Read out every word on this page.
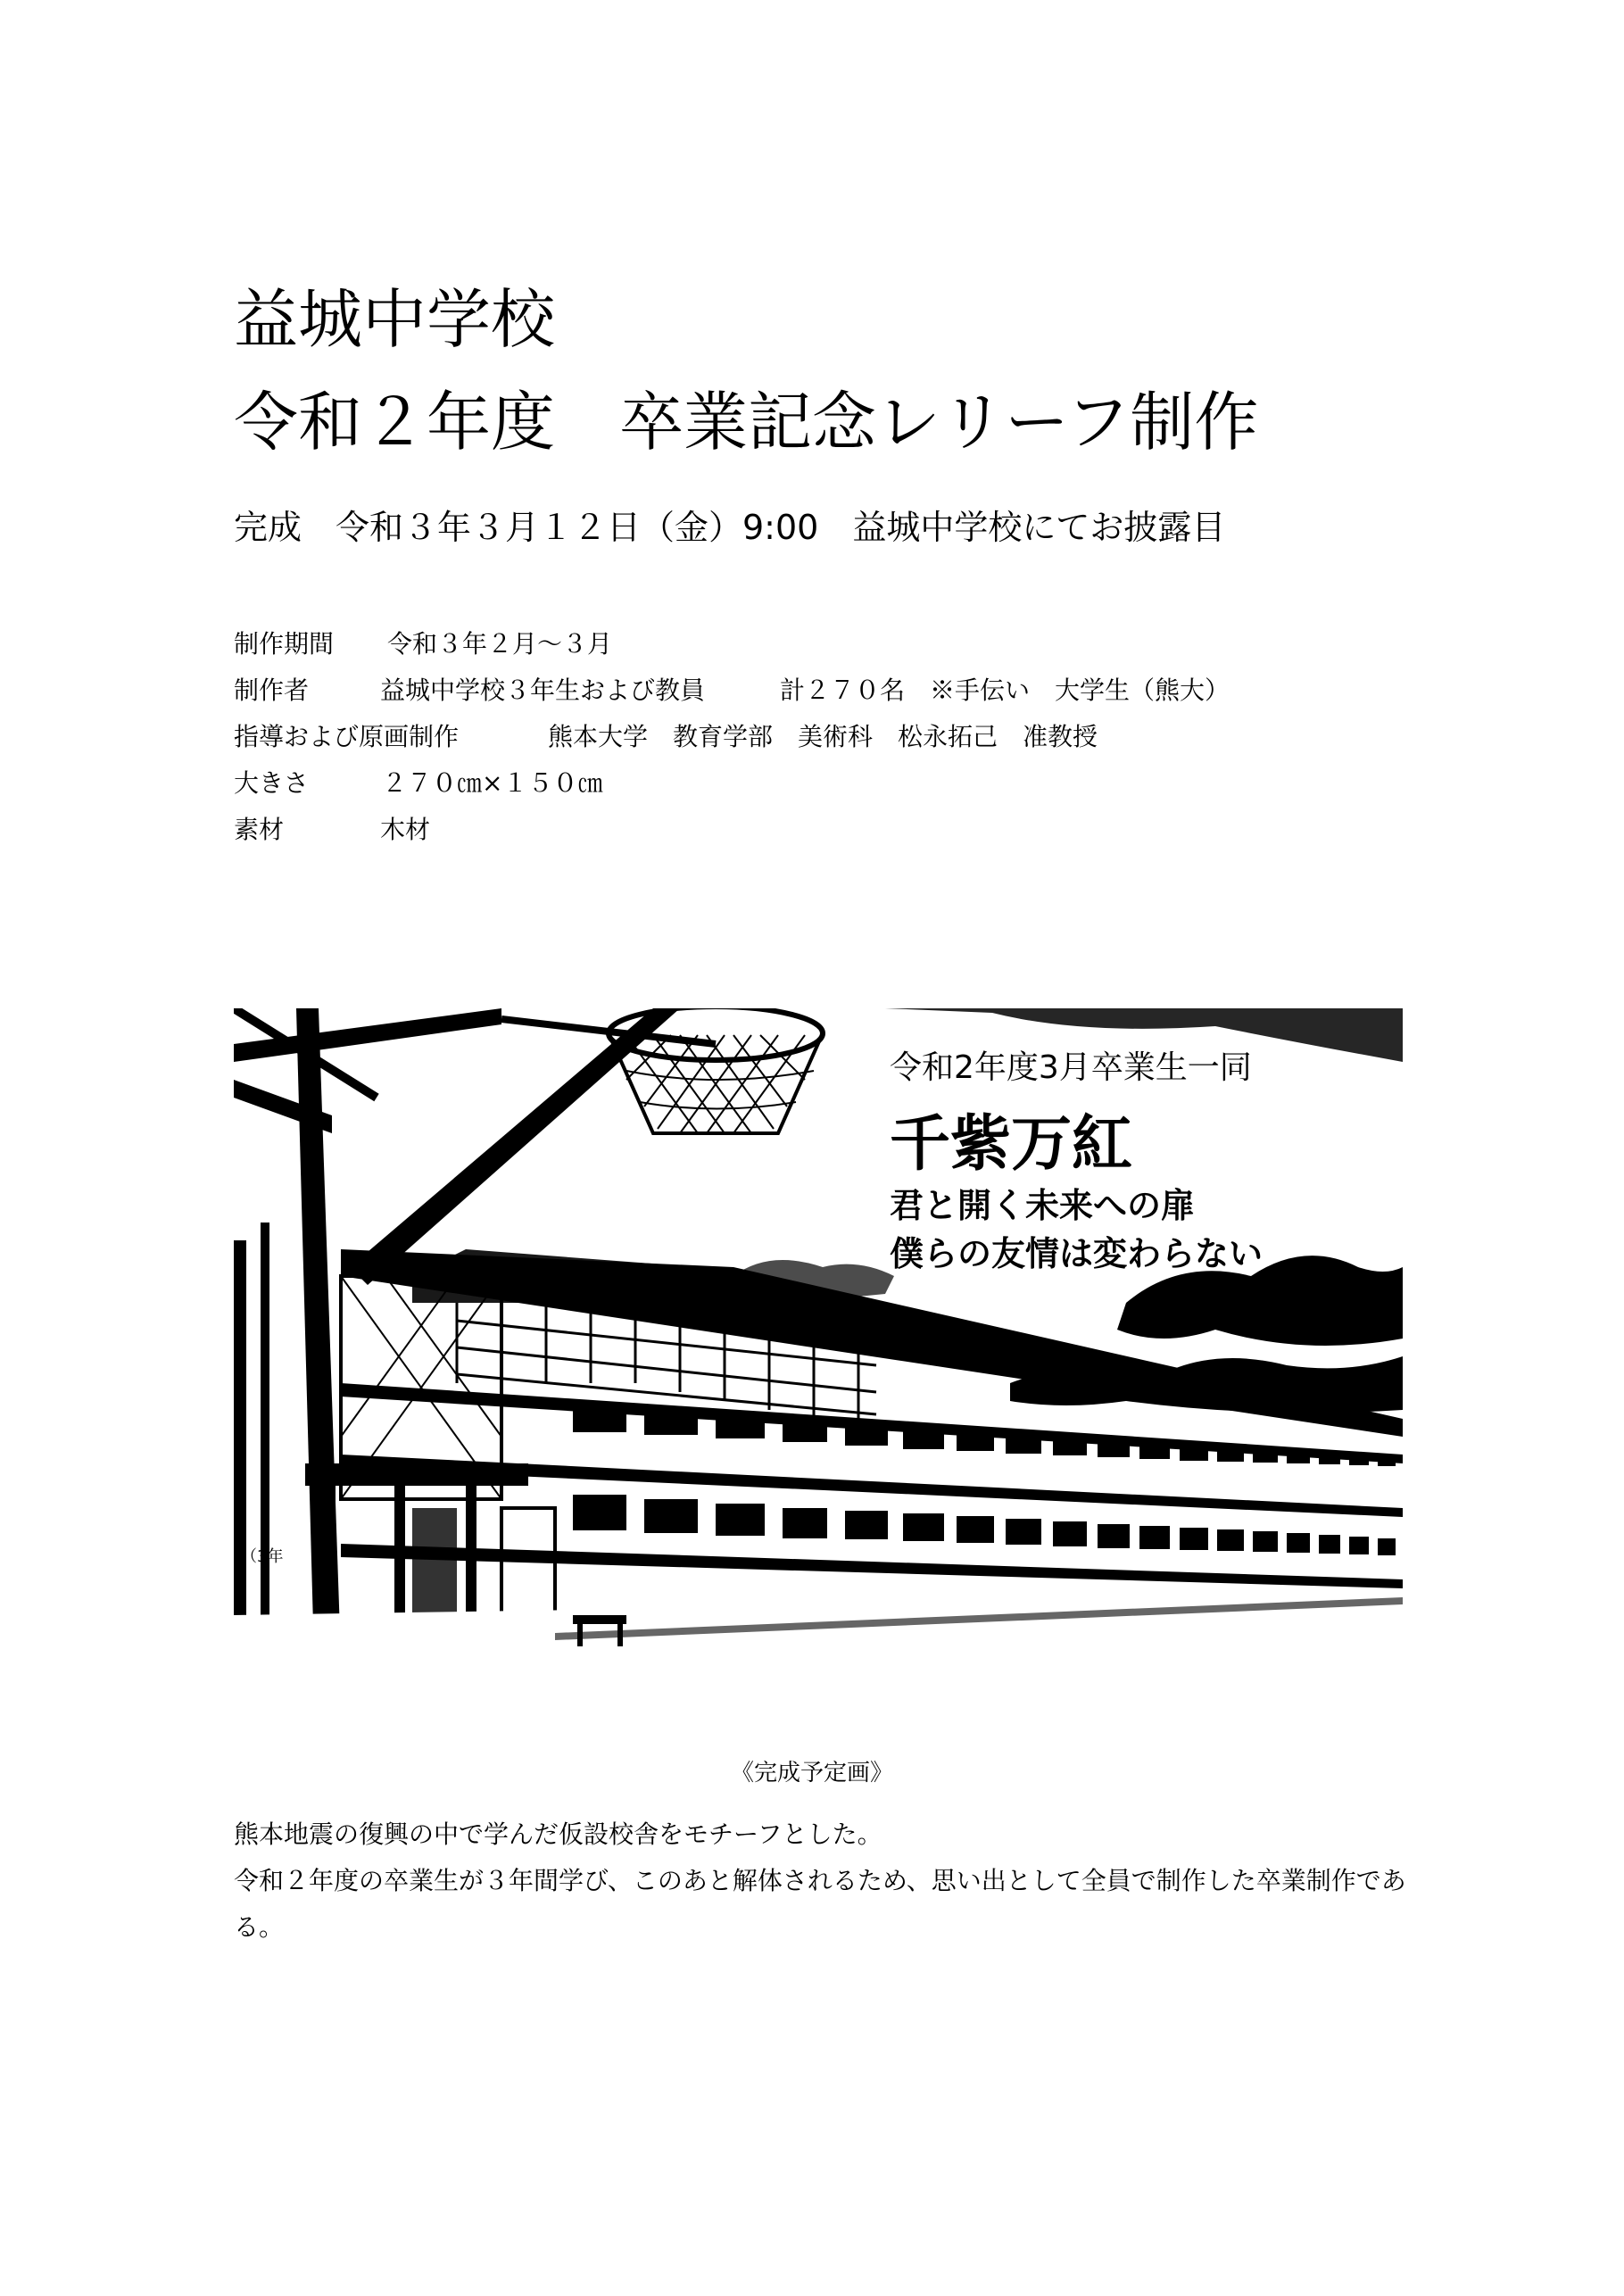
益城中学校
令和２年度　卒業記念レリーフ制作
完成　令和３年３月１２日（金）9:00　益城中学校にてお披露目
制作期間	令和３年２月～３月
制作者	益城中学校３年生および教員　　　計２７０名　※手伝い　大学生（熊大）
指導および原画制作	熊本大学　教育学部　美術科　松永拓己　准教授
大きさ	２７０㎝×１５０㎝
素材	木材
（3年
令和2年度3月卒業生一同
千紫万紅
君と開く未来への扉
僕らの友情は変わらない
《完成予定画》

熊本地震の復興の中で学んだ仮設校舎をモチーフとした。

令和２年度の卒業生が３年間学び、このあと解体されるため、思い出として全員で制作した卒業制作である。
